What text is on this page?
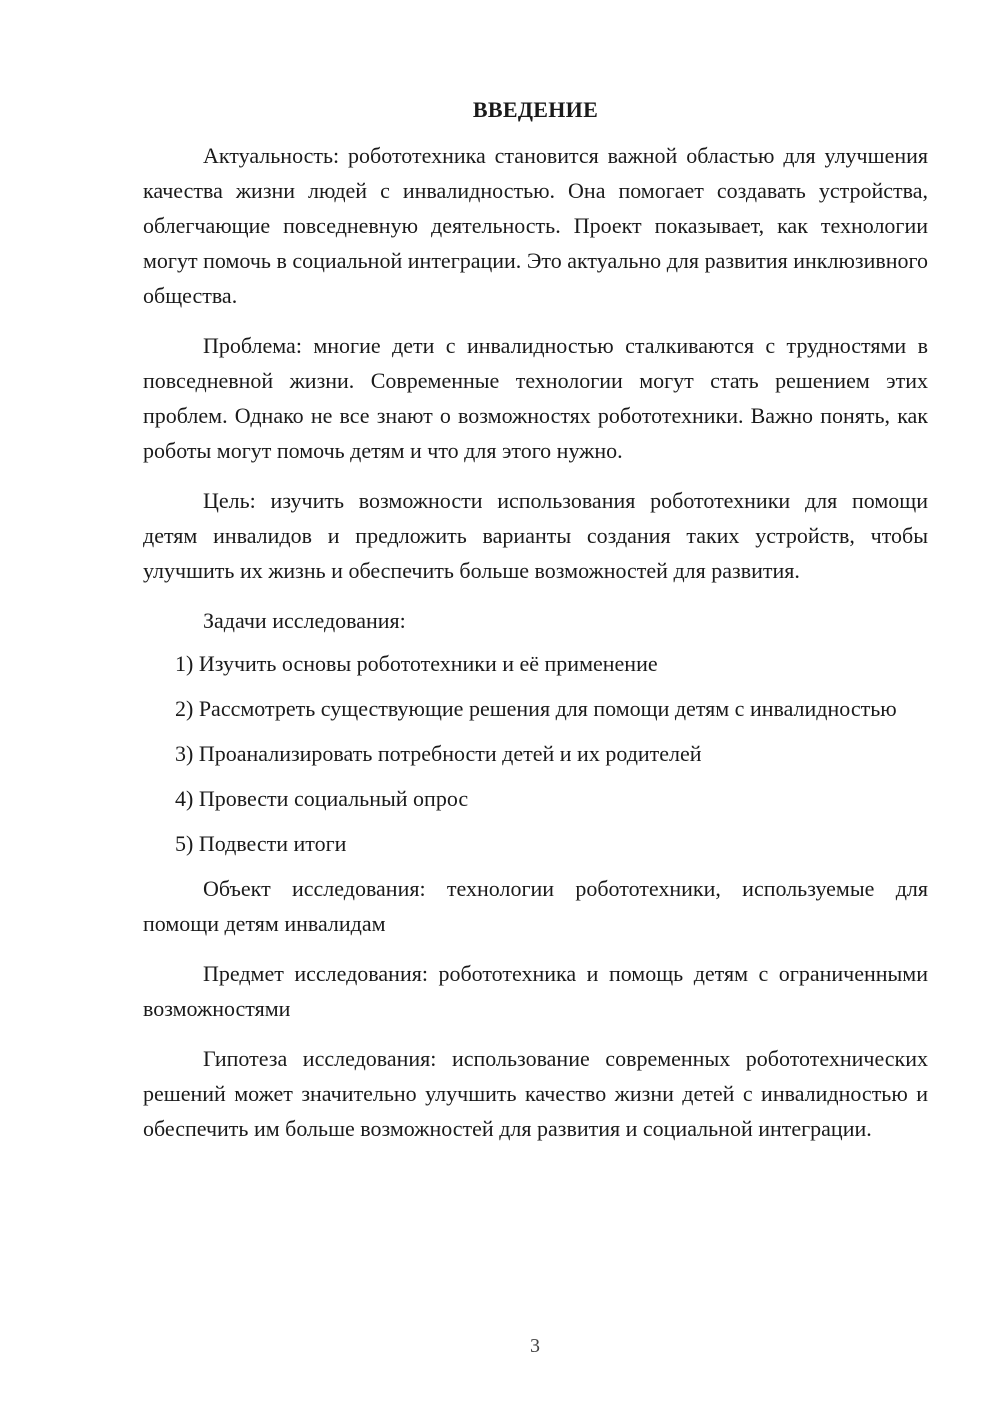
ВВЕДЕНИЕ

Актуальность: робототехника становится важной областью для улучшения качества жизни людей с инвалидностью. Она помогает создавать устройства, облегчающие повседневную деятельность. Проект показывает, как технологии могут помочь в социальной интеграции. Это актуально для развития инклюзивного общества.

Проблема: многие дети с инвалидностью сталкиваются с трудностями в повседневной жизни. Современные технологии могут стать решением этих проблем. Однако не все знают о возможностях робототехники. Важно понять, как роботы могут помочь детям и что для этого нужно.

Цель: изучить возможности использования робототехники для помощи детям инвалидов и предложить варианты создания таких устройств, чтобы улучшить их жизнь и обеспечить больше возможностей для развития.

Задачи исследования:

1) Изучить основы робототехники и её применение

2) Рассмотреть существующие решения для помощи детям с инвалидностью

3) Проанализировать потребности детей и их родителей

4) Провести социальный опрос

5) Подвести итоги

Объект исследования: технологии робототехники, используемые для помощи детям инвалидам

Предмет исследования: робототехника и помощь детям с ограниченными возможностями

Гипотеза исследования: использование современных робототехнических решений может значительно улучшить качество жизни детей с инвалидностью и обеспечить им больше возможностей для развития и социальной интеграции.

3
